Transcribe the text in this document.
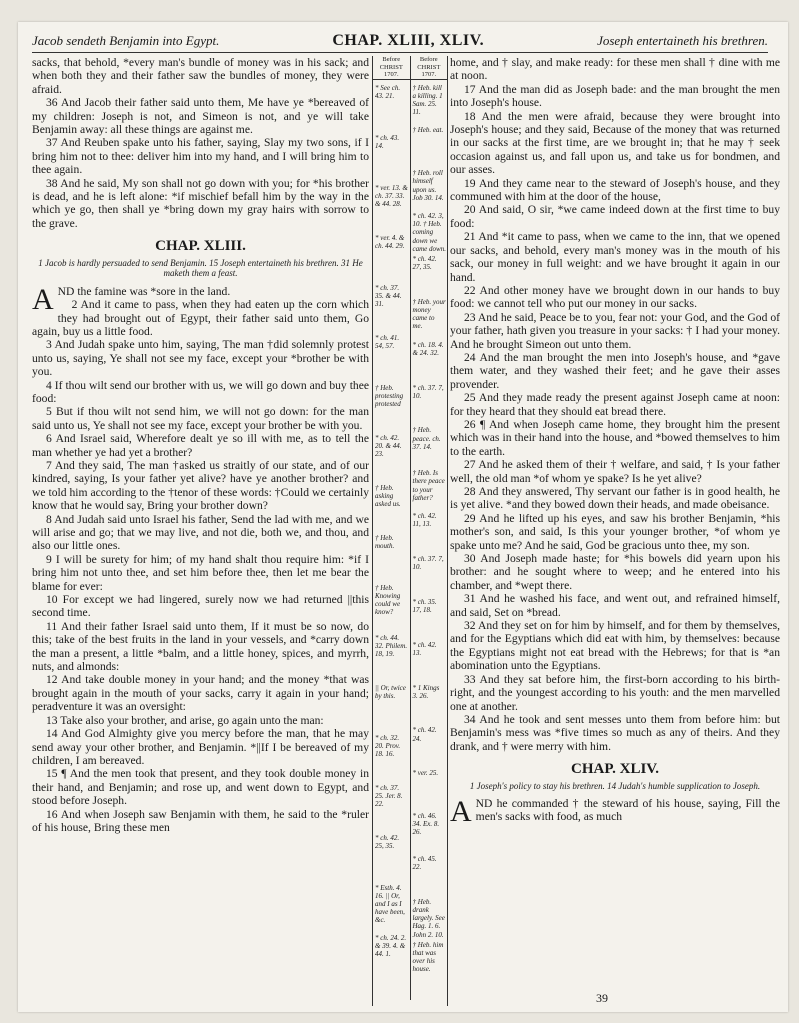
Jacob sendeth Benjamin into Egypt.	CHAP. XLIII, XLIV.	Joseph entertaineth his brethren.

sacks, that behold, *every man's bundle of money was in his sack; and when both they and their father saw the bundles of money, they were afraid.

36 And Jacob their father said unto them, Me have ye *bereaved of my children: Joseph is not, and Simeon is not, and ye will take Benjamin away: all these things are against me.

37 And Reuben spake unto his father, saying, Slay my two sons, if I bring him not to thee: deliver him into my hand, and I will bring him to thee again.

38 And he said, My son shall not go down with you; for *his brother is dead, and he is left alone: *if mischief befall him by the way in the which ye go, then shall ye *bring down my gray hairs with sorrow to the grave.

CHAP. XLIII.
1 Jacob is hardly persuaded to send Benjamin. 15 Joseph entertaineth his brethren. 31 He maketh them a feast.

AND the famine was *sore in the land.

2 And it came to pass, when they had eaten up the corn which they had brought out of Egypt, their father said unto them, Go again, buy us a little food.

3 And Judah spake unto him, saying, The man †did solemnly protest unto us, saying, Ye shall not see my face, except your *brother be with you.

4 If thou wilt send our brother with us, we will go down and buy thee food:

5 But if thou wilt not send him, we will not go down: for the man said unto us, Ye shall not see my face, except your brother be with you.

6 And Israel said, Wherefore dealt ye so ill with me, as to tell the man whether ye had yet a brother?

7 And they said, The man †asked us straitly of our state, and of our kindred, saying, Is your father yet alive? have ye another brother? and we told him according to the †tenor of these words: †Could we certainly know that he would say, Bring your brother down?

8 And Judah said unto Israel his father, Send the lad with me, and we will arise and go; that we may live, and not die, both we, and thou, and also our little ones.

9 I will be surety for him; of my hand shalt thou require him: *if I bring him not unto thee, and set him before thee, then let me bear the blame for ever:

10 For except we had lingered, surely now we had returned ||this second time.

11 And their father Israel said unto them, If it must be so now, do this; take of the best fruits in the land in your vessels, and *carry down the man a present, a little *balm, and a little honey, spices, and myrrh, nuts, and almonds:

12 And take double money in your hand; and the money *that was brought again in the mouth of your sacks, carry it again in your hand; peradventure it was an oversight:

13 Take also your brother, and arise, go again unto the man:

14 And God Almighty give you mercy before the man, that he may send away your other brother, and Benjamin. *||If I be bereaved of my children, I am bereaved.

15 ¶ And the men took that present, and they took double money in their hand, and Benjamin; and rose up, and went down to Egypt, and stood before Joseph.

16 And when Joseph saw Benjamin with them, he said to the *ruler of his house, Bring these men

Before CHRIST 1707.
Before CHRIST 1707.
* See ch. 43. 21.
* ch. 43. 14.
* ver. 13. & ch. 37. 33. & 44. 28.
* ver. 4. & ch. 44. 29.
* ch. 37. 35. & 44. 31.
* ch. 41. 54, 57.
† Heb. protesting protested
* ch. 42. 20. & 44. 23.
† Heb. asking asked us.
† Heb. mouth.
† Heb. Knowing could we know?
* ch. 44. 32. Philem. 18, 19.
|| Or, twice by this.
* ch. 32. 20. Prov. 18. 16.
* ch. 37. 25. Jer. 8. 22.
* ch. 42. 25, 35.
* Esth. 4. 16. || Or, and I as I have been, &c.
* ch. 24. 2. & 39. 4. & 44. 1.
† Heb. kill a killing. 1 Sam. 25. 11.
† Heb. eat.
† Heb. roll himself upon us. Job 30. 14.
* ch. 42. 3, 10. † Heb. coming down we came down.
* ch. 42. 27, 35.
† Heb. your money came to me.
* ch. 18. 4. & 24. 32.
* ch. 37. 7, 10.
† Heb. peace. ch. 37. 14.
† Heb. Is there peace to your father?
* ch. 42. 11, 13.
* ch. 37. 7, 10.
* ch. 35. 17, 18.
* ch. 42. 13.
* 1 Kings 3. 26.
* ch. 42. 24.
* ver. 25.
* ch. 46. 34. Ex. 8. 26.
* ch. 45. 22.
† Heb. drank largely. See Hag. 1. 6. John 2. 10.
† Heb. him that was over his house.

home, and † slay, and make ready: for these men shall † dine with me at noon.

17 And the man did as Joseph bade: and the man brought the men into Joseph's house.

18 And the men were afraid, because they were brought into Joseph's house; and they said, Because of the money that was returned in our sacks at the first time, are we brought in; that he may † seek occasion against us, and fall upon us, and take us for bondmen, and our asses.

19 And they came near to the steward of Joseph's house, and they communed with him at the door of the house,

20 And said, O sir, *we came indeed down at the first time to buy food:

21 And *it came to pass, when we came to the inn, that we opened our sacks, and behold, every man's money was in the mouth of his sack, our money in full weight: and we have brought it again in our hand.

22 And other money have we brought down in our hands to buy food: we cannot tell who put our money in our sacks.

23 And he said, Peace be to you, fear not: your God, and the God of your father, hath given you treasure in your sacks: † I had your money. And he brought Simeon out unto them.

24 And the man brought the men into Joseph's house, and *gave them water, and they washed their feet; and he gave their asses provender.

25 And they made ready the present against Joseph came at noon: for they heard that they should eat bread there.

26 ¶ And when Joseph came home, they brought him the present which was in their hand into the house, and *bowed themselves to him to the earth.

27 And he asked them of their † welfare, and said, † Is your father well, the old man *of whom ye spake? Is he yet alive?

28 And they answered, Thy servant our father is in good health, he is yet alive. *and they bowed down their heads, and made obeisance.

29 And he lifted up his eyes, and saw his brother Benjamin, *his mother's son, and said, Is this your younger brother, *of whom ye spake unto me? And he said, God be gracious unto thee, my son.

30 And Joseph made haste; for *his bowels did yearn upon his brother: and he sought where to weep; and he entered into his chamber, and *wept there.

31 And he washed his face, and went out, and refrained himself, and said, Set on *bread.

32 And they set on for him by himself, and for them by themselves, and for the Egyptians which did eat with him, by themselves: because the Egyptians might not eat bread with the Hebrews; for that is *an abomination unto the Egyptians.

33 And they sat before him, the first-born according to his birth-right, and the youngest according to his youth: and the men marvelled one at another.

34 And he took and sent messes unto them from before him: but Benjamin's mess was *five times so much as any of theirs. And they drank, and † were merry with him.

CHAP. XLIV.
1 Joseph's policy to stay his brethren. 14 Judah's humble supplication to Joseph.

AND he commanded † the steward of his house, saying, Fill the men's sacks with food, as much

39
